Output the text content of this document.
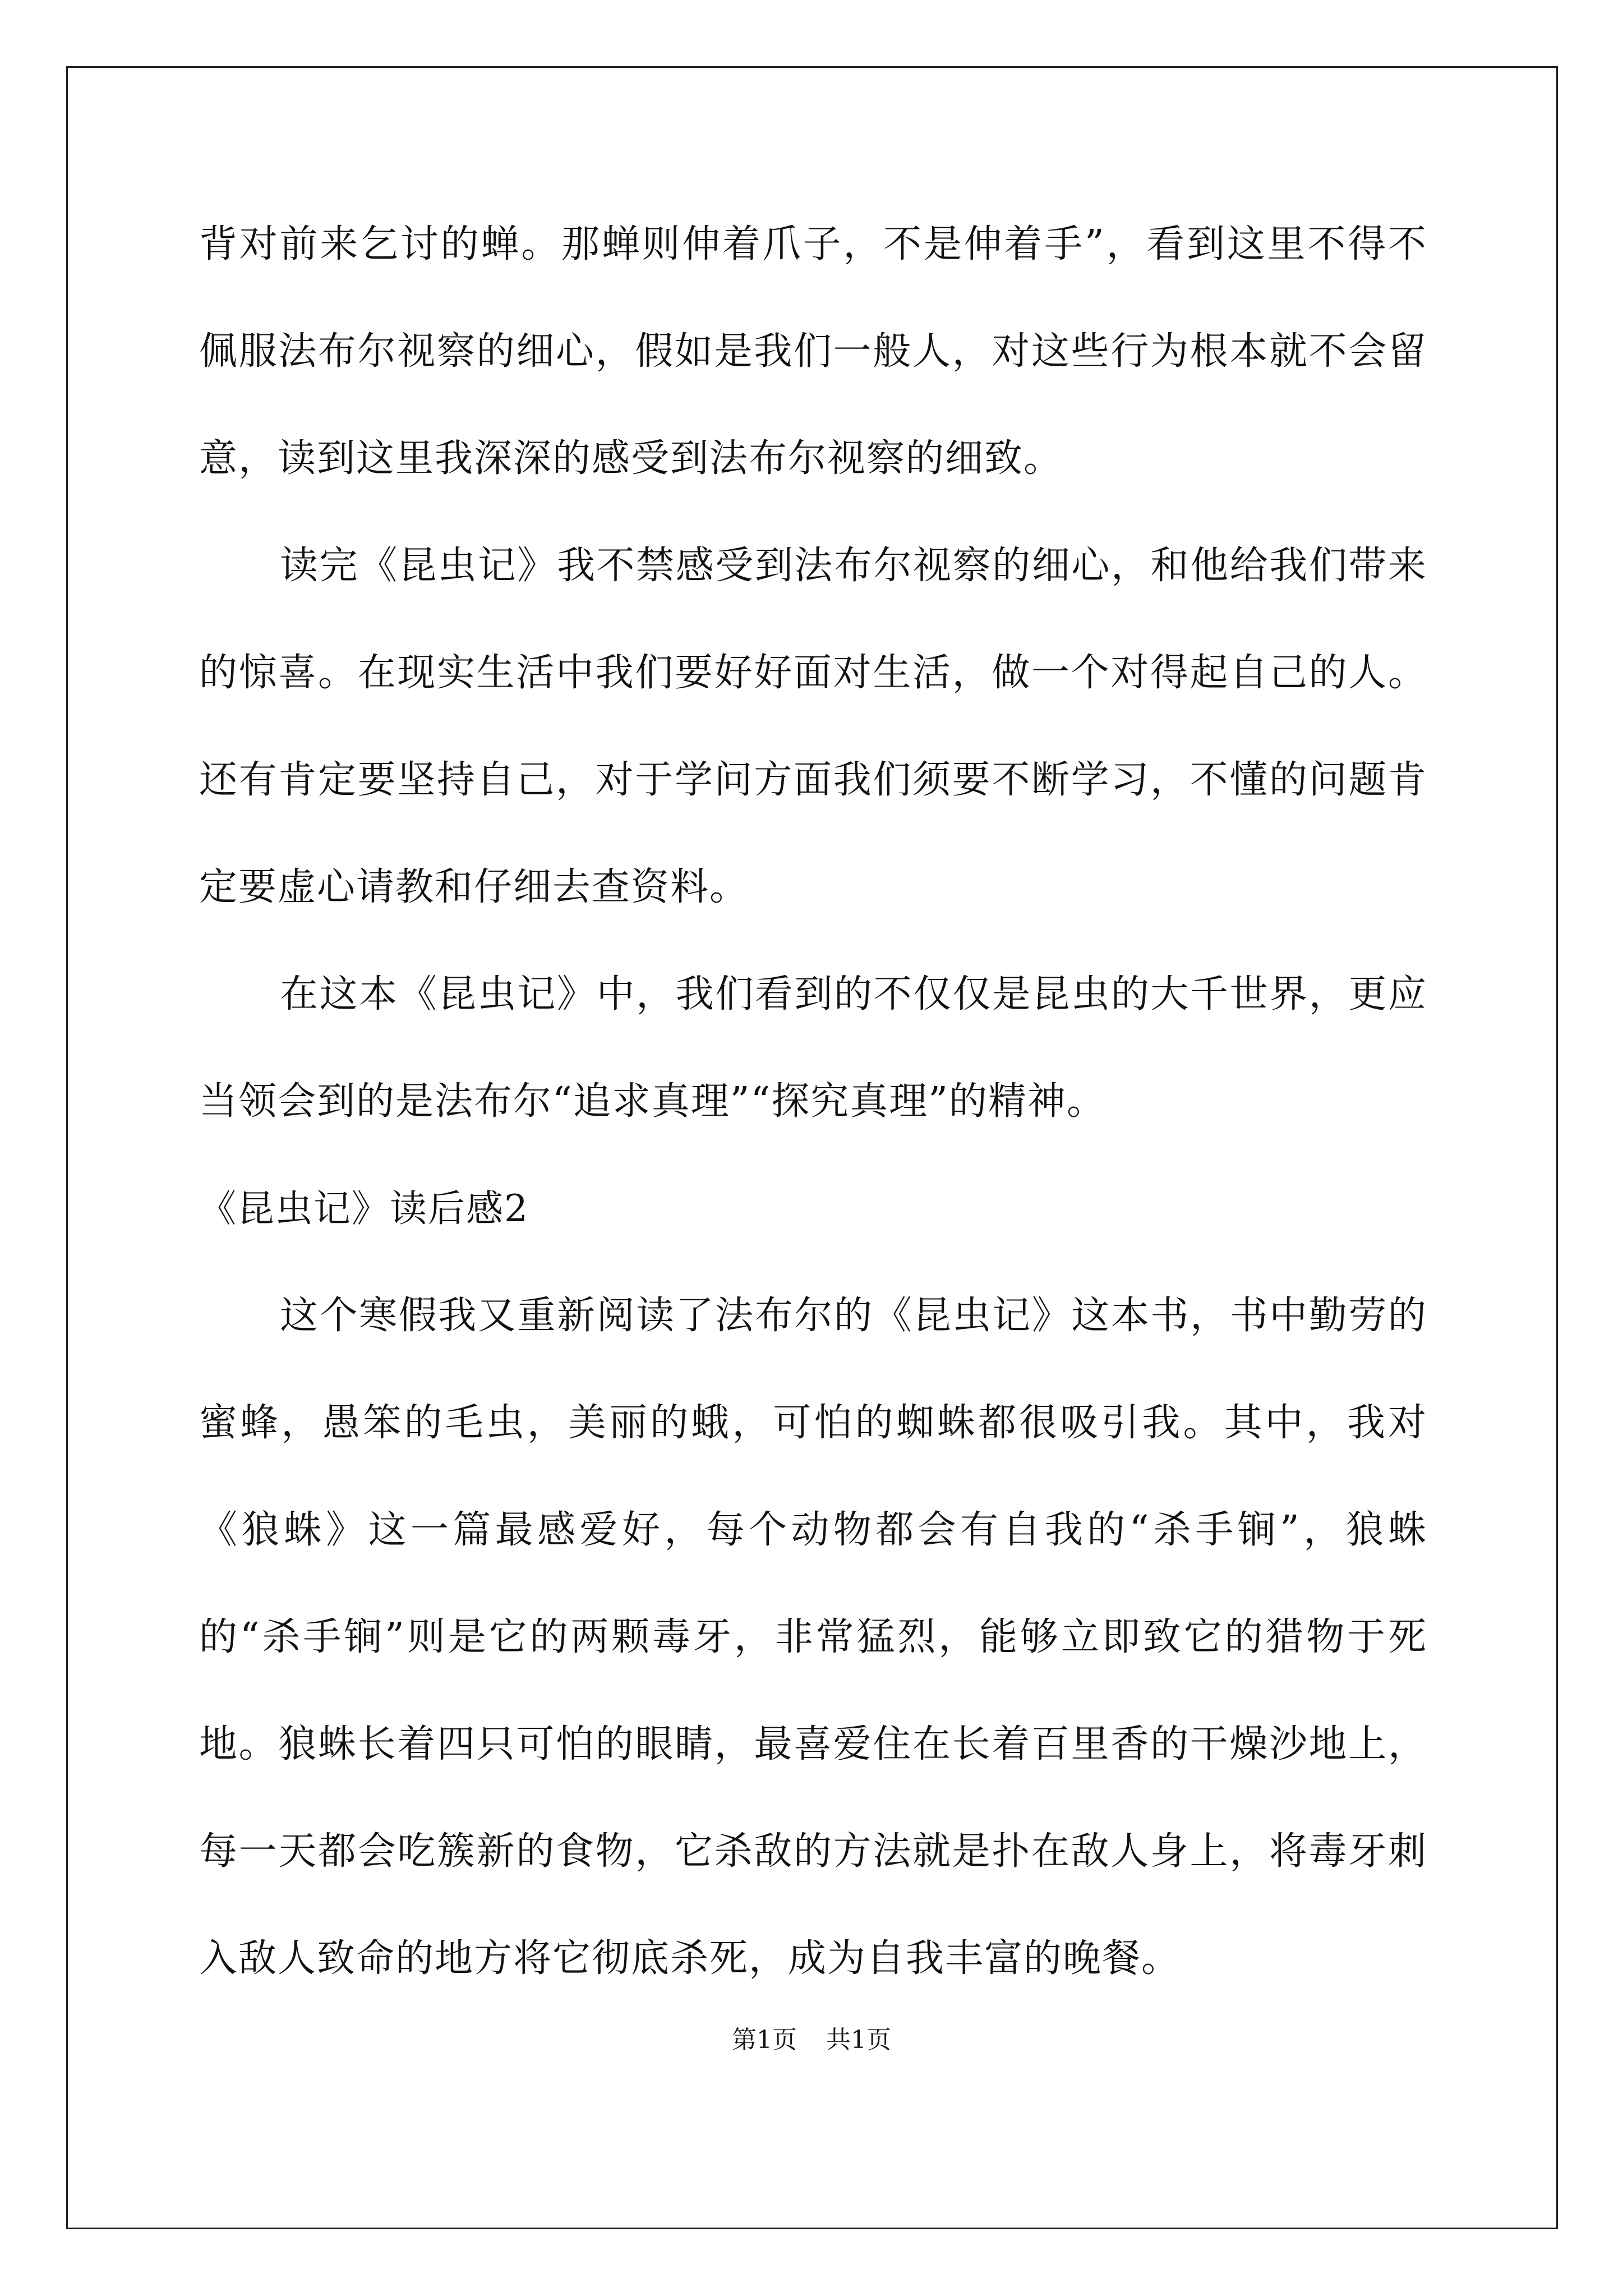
背对前来乞讨的蝉。那蝉则伸着爪子，不是伸着手”，看到这里不得不佩服法布尔视察的细心，假如是我们一般人，对这些行为根本就不会留意，读到这里我深深的感受到法布尔视察的细致。

读完《昆虫记》我不禁感受到法布尔视察的细心，和他给我们带来的惊喜。在现实生活中我们要好好面对生活，做一个对得起自己的人。还有肯定要坚持自己，对于学问方面我们须要不断学习，不懂的问题肯定要虚心请教和仔细去查资料。

在这本《昆虫记》中，我们看到的不仅仅是昆虫的大千世界，更应当领会到的是法布尔“追求真理”“探究真理”的精神。

《昆虫记》读后感2

这个寒假我又重新阅读了法布尔的《昆虫记》这本书，书中勤劳的蜜蜂，愚笨的毛虫，美丽的蛾，可怕的蜘蛛都很吸引我。其中，我对《狼蛛》这一篇最感爱好，每个动物都会有自我的“杀手锏”，狼蛛的“杀手锏”则是它的两颗毒牙，非常猛烈，能够立即致它的猎物于死地。狼蛛长着四只可怕的眼睛，最喜爱住在长着百里香的干燥沙地上，每一天都会吃簇新的食物，它杀敌的方法就是扑在敌人身上，将毒牙刺入敌人致命的地方将它彻底杀死，成为自我丰富的晚餐。

第1页 共1页
